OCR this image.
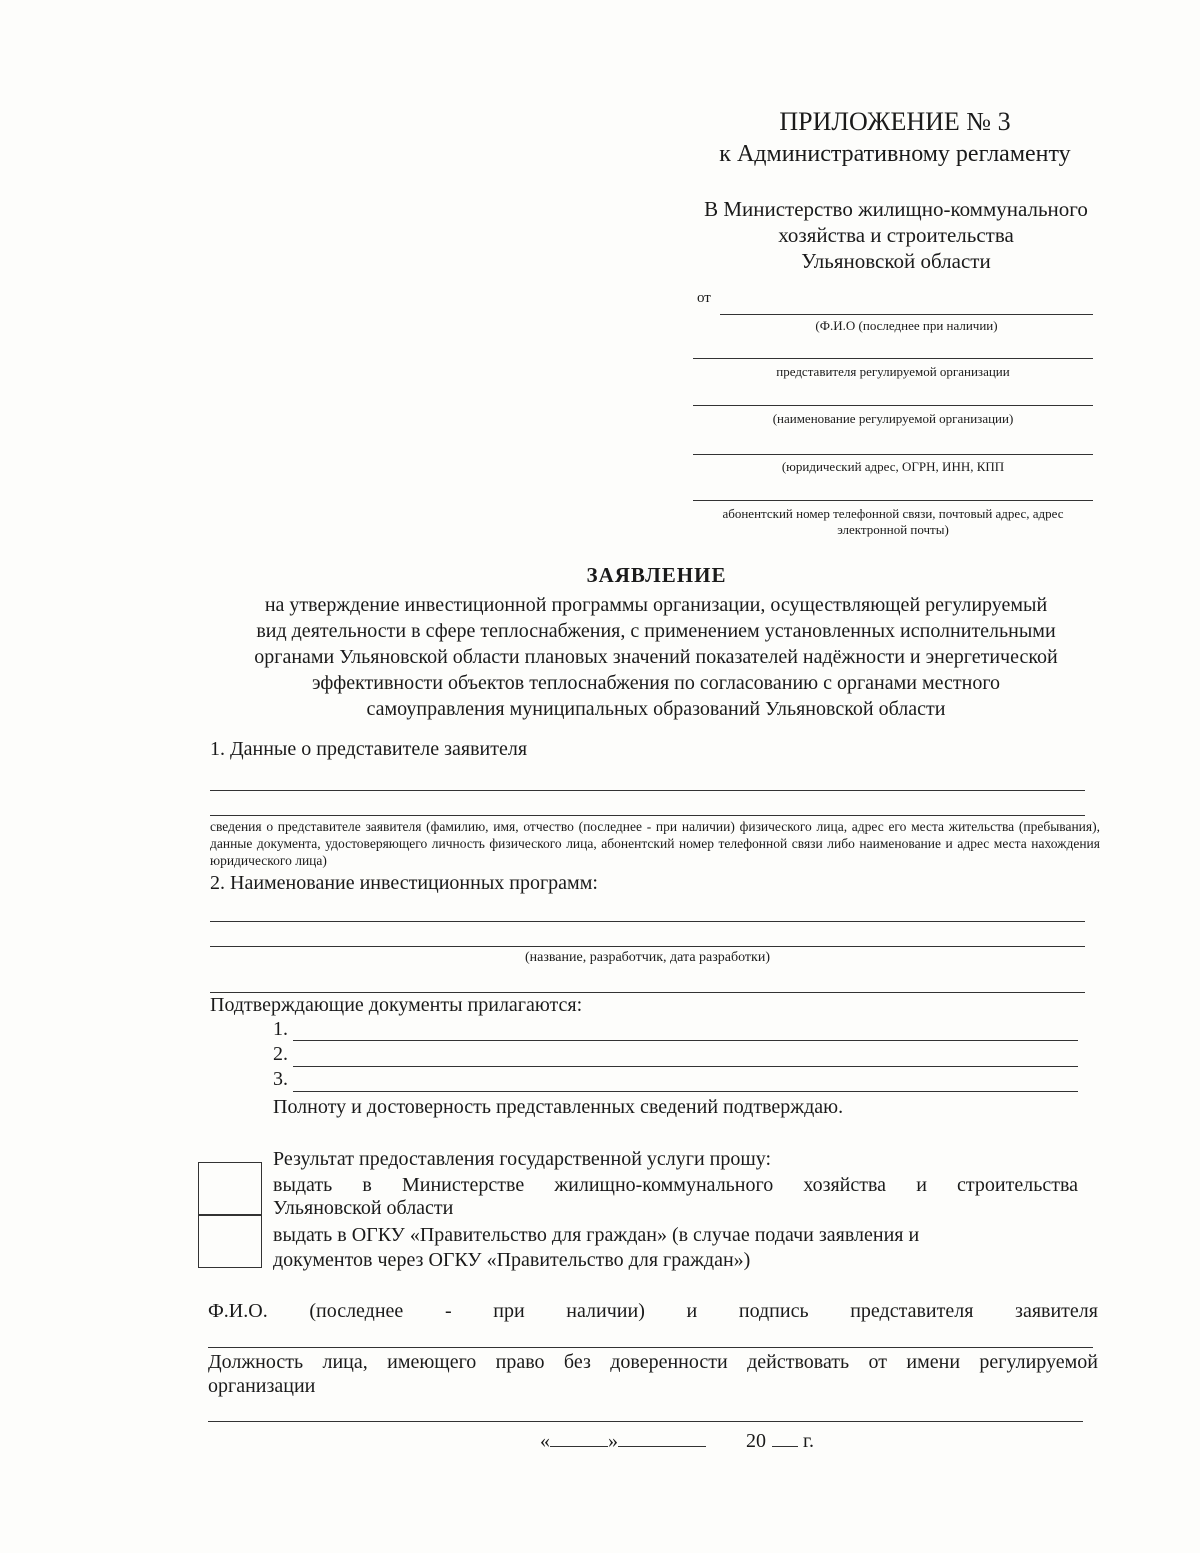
ПРИЛОЖЕНИЕ № 3
к Административному регламенту
В Министерство жилищно-коммунального
хозяйства и строительства
Ульяновской области
от
(Ф.И.О (последнее при наличии)
представителя регулируемой организации
(наименование регулируемой организации)
(юридический адрес, ОГРН, ИНН, КПП
абонентский номер телефонной связи, почтовый адрес, адрес
электронной почты)
ЗАЯВЛЕНИЕ
на утверждение инвестиционной программы организации, осуществляющей регулируемый
вид деятельности в сфере теплоснабжения, с применением установленных исполнительными
органами Ульяновской области плановых значений показателей надёжности и энергетической
эффективности объектов теплоснабжения по согласованию с органами местного
самоуправления муниципальных образований Ульяновской области
1. Данные о представителе заявителя
сведения о представителе заявителя (фамилию, имя, отчество (последнее - при наличии) физического лица, адрес его места жительства (пребывания), данные документа, удостоверяющего личность физического лица, абонентский номер телефонной связи либо наименование и адрес места нахождения юридического лица)
2. Наименование инвестиционных программ:
(название, разработчик, дата разработки)
Подтверждающие документы прилагаются:
1.
2.
3.
Полноту и достоверность представленных сведений подтверждаю.
Результат предоставления государственной услуги прошу:
выдать в Министерстве жилищно-коммунального хозяйства и строительства
Ульяновской области
выдать в ОГКУ «Правительство для граждан» (в случае подачи заявления и
документов через ОГКУ «Правительство для граждан»)
Ф.И.О. (последнее - при наличии) и подпись представителя заявителя
Должность лица, имеющего право без доверенности действовать от имени регулируемой
организации
«	»	20 г.
